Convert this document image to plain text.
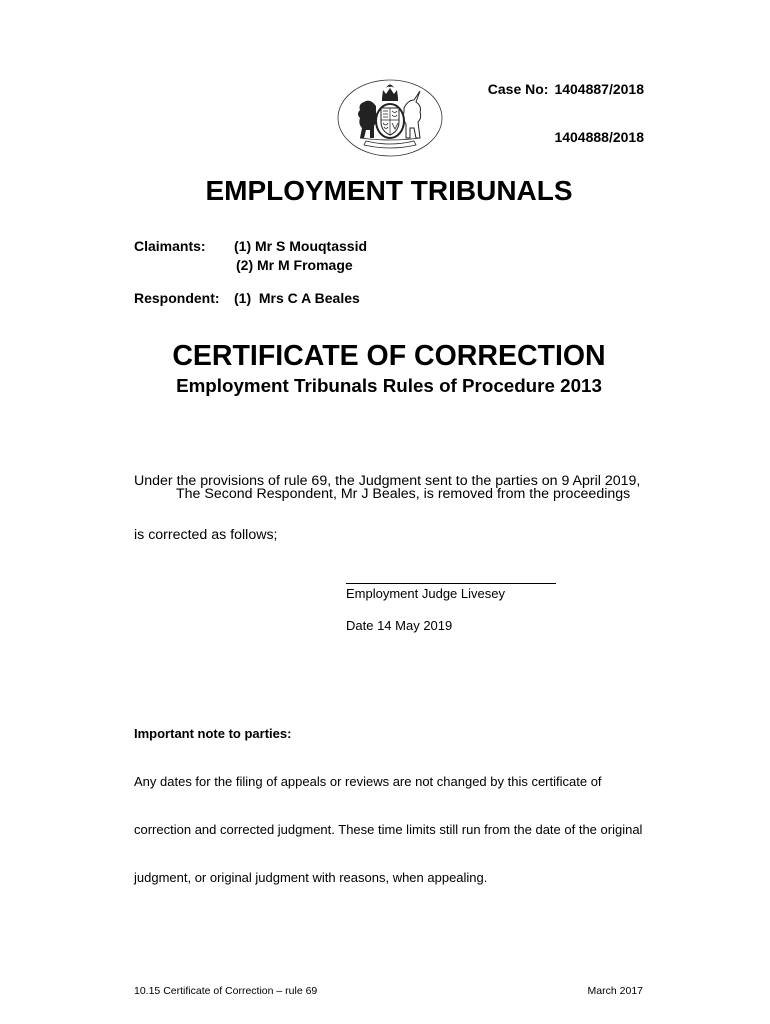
Case No: 1404887/2018

1404888/2018

EMPLOYMENT TRIBUNALS
Claimants: (1) Mr S Mouqtassid
(2) Mr M Fromage
Respondent: (1)  Mrs C A Beales
CERTIFICATE OF CORRECTION
Employment Tribunals Rules of Procedure 2013

Under the provisions of rule 69, the Judgment sent to the parties on 9 April 2019,

is corrected as follows;

The Second Respondent, Mr J Beales, is removed from the proceedings
Employment Judge Livesey
Date 14 May 2019

Important note to parties:

Any dates for the filing of appeals or reviews are not changed by this certificate of

correction and corrected judgment. These time limits still run from the date of the original

judgment, or original judgment with reasons, when appealing.

10.15 Certificate of Correction – rule 69	March 2017
